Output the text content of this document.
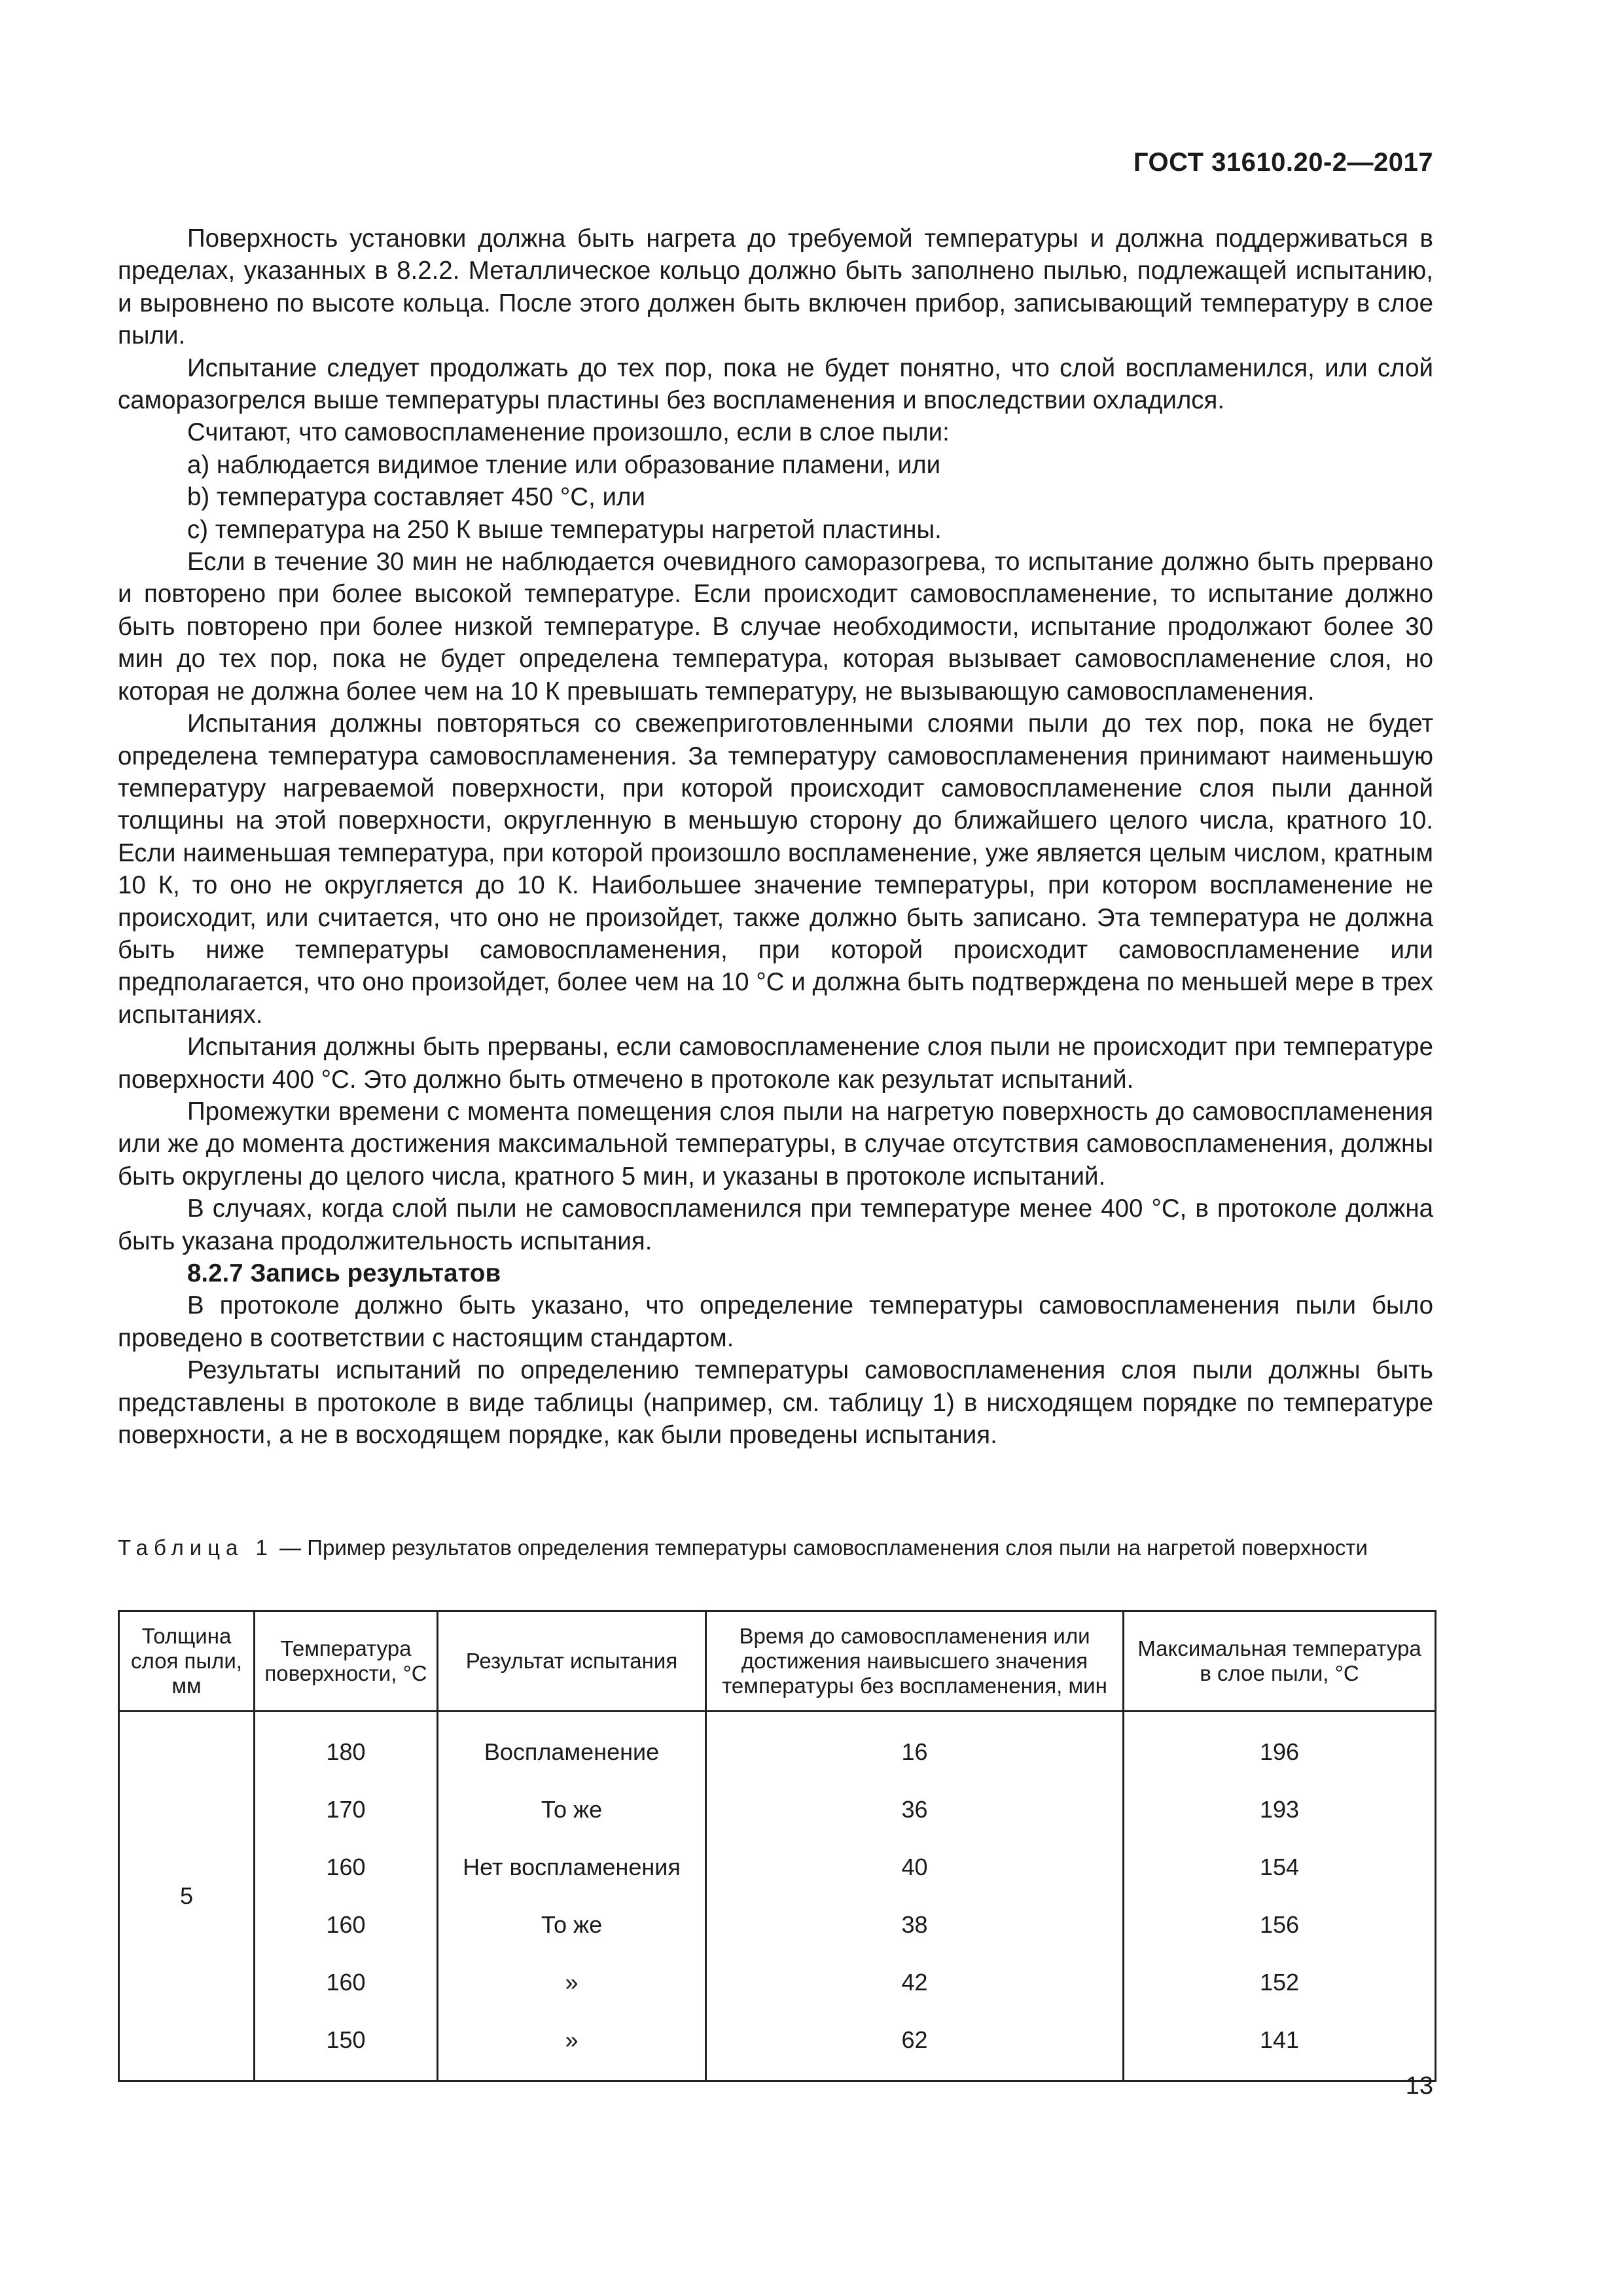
ГОСТ 31610.20-2—2017

Поверхность установки должна быть нагрета до требуемой температуры и должна поддерживаться в пределах, указанных в 8.2.2. Металлическое кольцо должно быть заполнено пылью, подлежащей испытанию, и выровнено по высоте кольца. После этого должен быть включен прибор, записывающий температуру в слое пыли.

Испытание следует продолжать до тех пор, пока не будет понятно, что слой воспламенился, или слой саморазогрелся выше температуры пластины без воспламенения и впоследствии охладился.

Считают, что самовоспламенение произошло, если в слое пыли:

a) наблюдается видимое тление или образование пламени, или

b) температура составляет 450 °С, или

c) температура на 250 К выше температуры нагретой пластины.

Если в течение 30 мин не наблюдается очевидного саморазогрева, то испытание должно быть прервано и повторено при более высокой температуре. Если происходит самовоспламенение, то испытание должно быть повторено при более низкой температуре. В случае необходимости, испытание продолжают более 30 мин до тех пор, пока не будет определена температура, которая вызывает самовоспламенение слоя, но которая не должна более чем на 10 К превышать температуру, не вызывающую самовоспламенения.

Испытания должны повторяться со свежеприготовленными слоями пыли до тех пор, пока не будет определена температура самовоспламенения. За температуру самовоспламенения принимают наименьшую температуру нагреваемой поверхности, при которой происходит самовоспламенение слоя пыли данной толщины на этой поверхности, округленную в меньшую сторону до ближайшего целого числа, кратного 10. Если наименьшая температура, при которой произошло воспламенение, уже является целым числом, кратным 10 К, то оно не округляется до 10 К. Наибольшее значение температуры, при котором воспламенение не происходит, или считается, что оно не произойдет, также должно быть записано. Эта температура не должна быть ниже температуры самовоспламенения, при которой происходит самовоспламенение или предполагается, что оно произойдет, более чем на 10 °С и должна быть подтверждена по меньшей мере в трех испытаниях.

Испытания должны быть прерваны, если самовоспламенение слоя пыли не происходит при температуре поверхности 400 °С. Это должно быть отмечено в протоколе как результат испытаний.

Промежутки времени с момента помещения слоя пыли на нагретую поверхность до самовоспламенения или же до момента достижения максимальной температуры, в случае отсутствия самовоспламенения, должны быть округлены до целого числа, кратного 5 мин, и указаны в протоколе испытаний.

В случаях, когда слой пыли не самовоспламенился при температуре менее 400 °С, в протоколе должна быть указана продолжительность испытания.

8.2.7 Запись результатов

В протоколе должно быть указано, что определение температуры самовоспламенения пыли было проведено в соответствии с настоящим стандартом.

Результаты испытаний по определению температуры самовоспламенения слоя пыли должны быть представлены в протоколе в виде таблицы (например, см. таблицу 1) в нисходящем порядке по температуре поверхности, а не в восходящем порядке, как были проведены испытания.

Таблица 1 — Пример результатов определения температуры самовоспламенения слоя пыли на нагретой поверхности
Толщина слоя пыли, мм	Температура поверхности, °С	Результат испытания	Время до самовоспламенения или достижения наивысшего значения температуры без воспламенения, мин	Максимальная температура в слое пыли, °С
5	180	Воспламенение	16	196
	170	То же	36	193
	160	Нет воспламенения	40	154
	160	То же	38	156
	160	»	42	152
	150	»	62	141
13
